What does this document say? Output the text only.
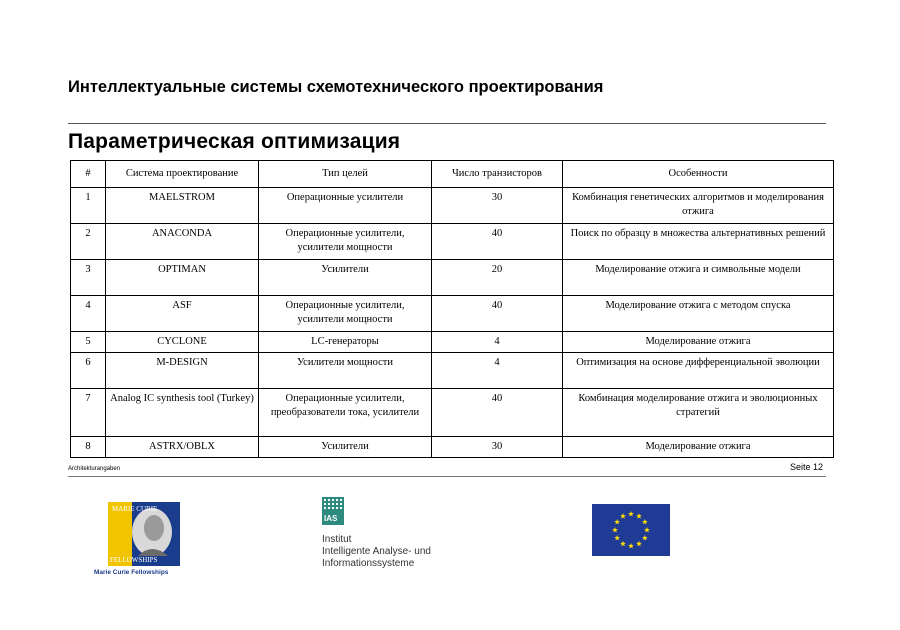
Интеллектуальные системы схемотехнического проектирования
Параметрическая оптимизация
#	Система проектирование	Тип целей	Число транзисторов	Особенности
1	MAELSTROM	Операционные усилители	30	Комбинация генетических алгоритмов и моделирования отжига
2	ANACONDA	Операционные усилители, усилители мощности	40	Поиск по образцу в множества альтернативных решений
3	OPTIMAN	Усилители	20	Моделирование отжига и символьные модели
4	ASF	Операционные усилители, усилители мощности	40	Моделирование отжига с методом спуска
5	CYCLONE	LC-генераторы	4	Моделирование отжига
6	M-DESIGN	Усилители мощности	4	Оптимизация на основе дифференциальной эволюции
7	Analog IC synthesis tool (Turkey)	Операционные усилители, преобразователи тока, усилители	40	Комбинация моделирование отжига и эволюционных стратегий
8	ASTRX/OBLX	Усилители	30	Моделирование отжига
Architekturangaben	Seite 12
MARIE CURIE
FELLOWSHIPS
Marie Curie Fellowships
IAS
Institut
Intelligente Analyse- und
Informationssysteme
